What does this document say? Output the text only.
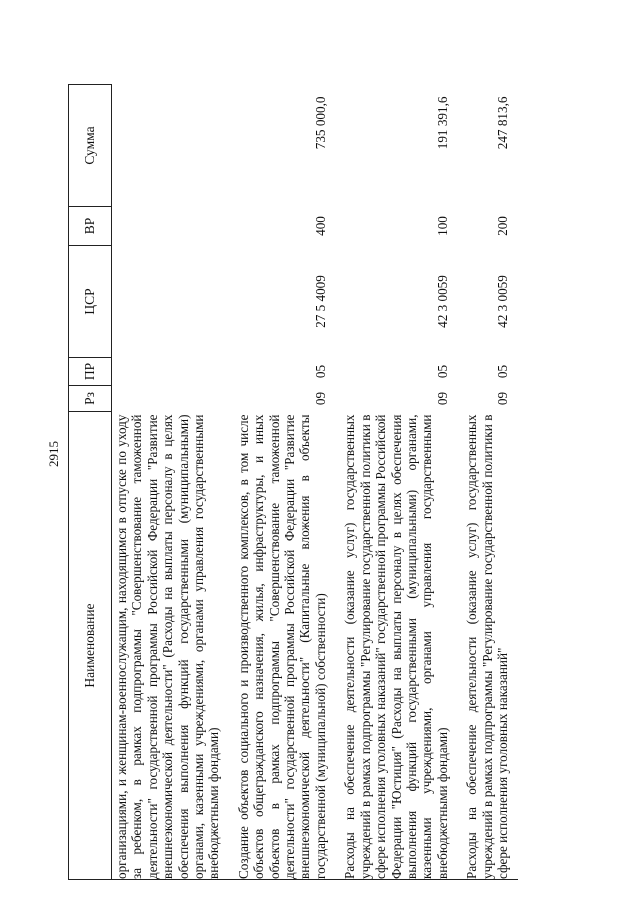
2915
Наименование	Рз	ПР	ЦСР	ВР	Сумма
организациями, и женщинам-военнослужащим, находящимся в отпуске по уходу за ребенком, в рамках подпрограммы "Совершенствование таможенной деятельности" государственной программы Российской Федерации "Развитие внешнеэкономической деятельности" (Расходы на выплаты персоналу в целях обеспечения выполнения функций государственными (муниципальными) органами, казенными учреждениями, органами управления государственными внебюджетными фондами)					
Создание объектов социального и производственного комплексов, в том числе объектов общегражданского назначения, жилья, инфраструктуры, и иных объектов в рамках подпрограммы "Совершенствование таможенной деятельности" государственной программы Российской Федерации "Развитие внешнеэкономической деятельности" (Капитальные вложения в объекты государственной (муниципальной) собственности)	09	05	27 5 4009	400	735 000,0
Расходы на обеспечение деятельности (оказание услуг) государственных учреждений в рамках подпрограммы "Регулирование государственной политики в сфере исполнения уголовных наказаний" государственной программы Российской Федерации "Юстиция" (Расходы на выплаты персоналу в целях обеспечения выполнения функций государственными (муниципальными) органами, казенными учреждениями, органами управления государственными внебюджетными фондами)	09	05	42 3 0059	100	191 391,6
Расходы на обеспечение деятельности (оказание услуг) государственных учреждений в рамках подпрограммы "Регулирование государственной политики в сфере исполнения уголовных наказаний"	09	05	42 3 0059	200	247 813,6
